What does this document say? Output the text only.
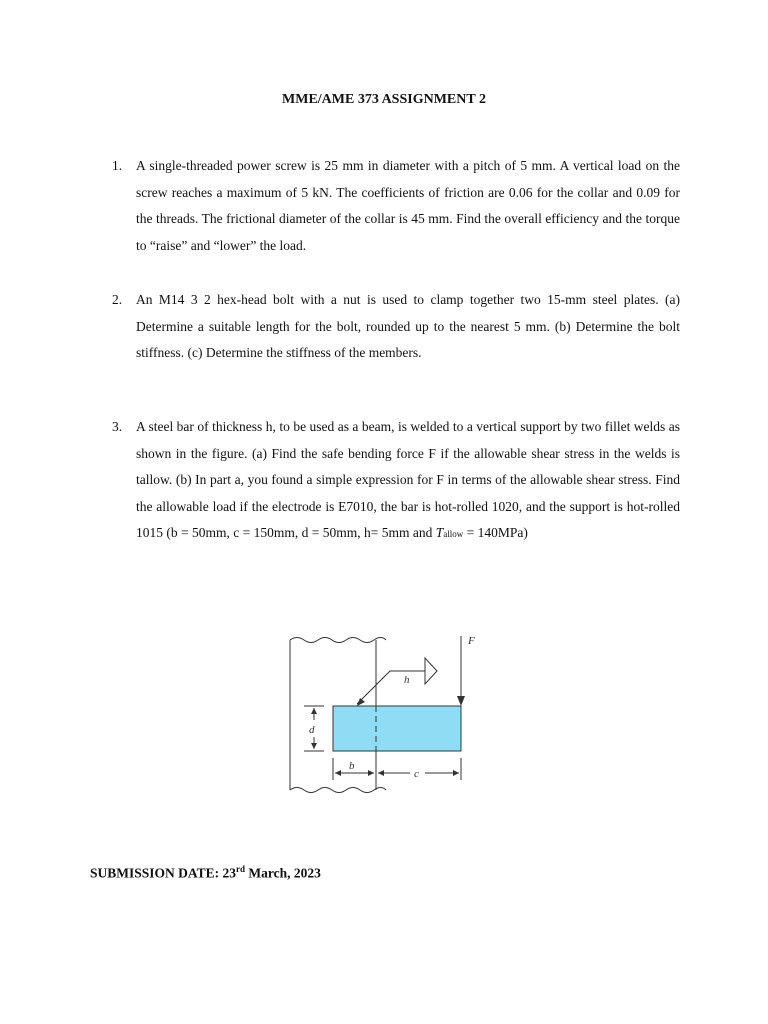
MME/AME 373 ASSIGNMENT 2
1. A single-threaded power screw is 25 mm in diameter with a pitch of 5 mm. A vertical load on the screw reaches a maximum of 5 kN. The coefficients of friction are 0.06 for the collar and 0.09 for the threads. The frictional diameter of the collar is 45 mm. Find the overall efficiency and the torque to “raise” and “lower” the load.

2. An M14 3 2 hex-head bolt with a nut is used to clamp together two 15-mm steel plates. (a) Determine a suitable length for the bolt, rounded up to the nearest 5 mm. (b) Determine the bolt stiffness. (c) Determine the stiffness of the members.

3. A steel bar of thickness h, to be used as a beam, is welded to a vertical support by two fillet welds as shown in the figure. (a) Find the safe bending force F if the allowable shear stress in the welds is tallow. (b) In part a, you found a simple expression for F in terms of the allowable shear stress. Find the allowable load if the electrode is E7010, the bar is hot-rolled 1020, and the support is hot-rolled 1015 (b = 50mm, c = 150mm, d = 50mm, h= 5mm and Tallow = 140MPa)

F
h
d
b
c
SUBMISSION DATE: 23rd March, 2023
